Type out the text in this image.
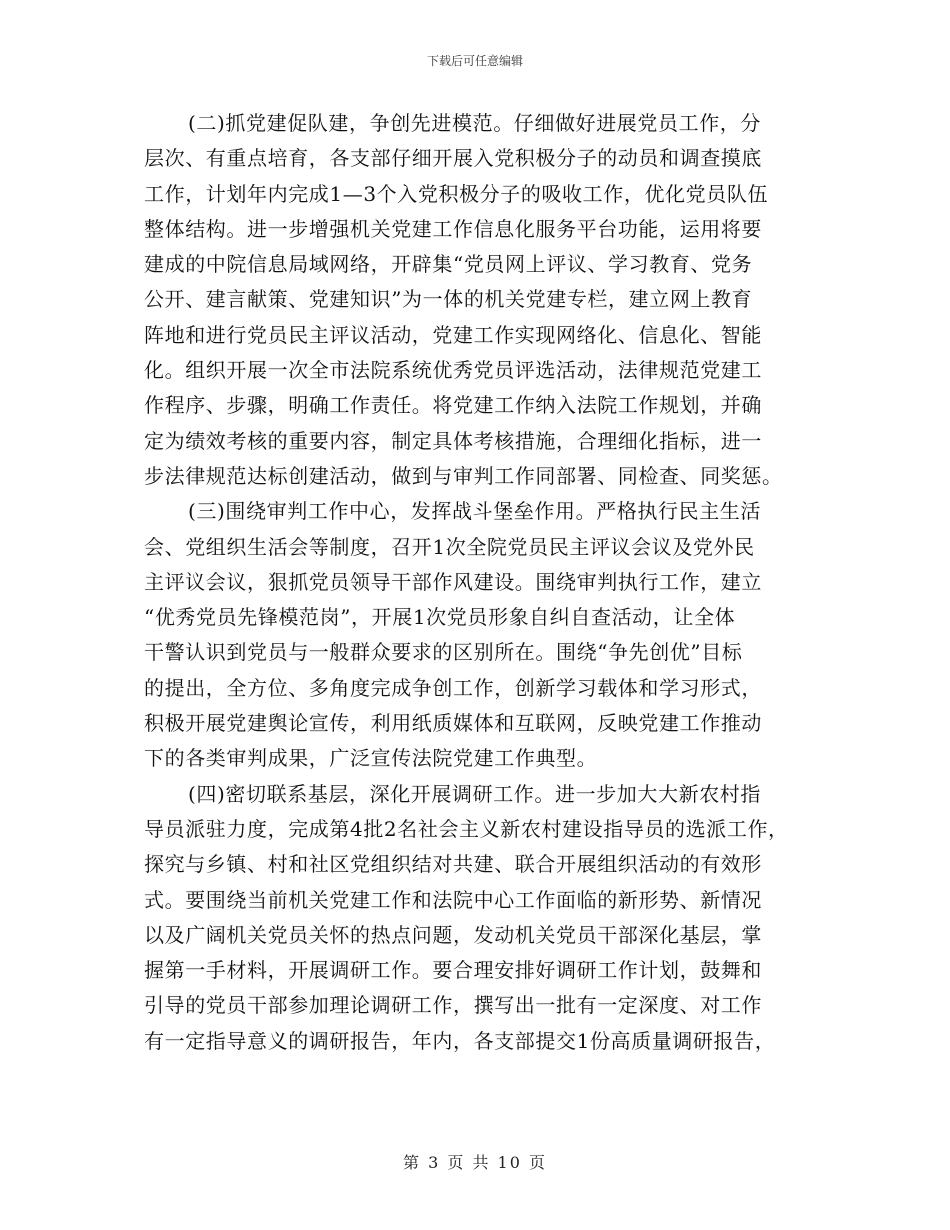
下载后可任意编辑
(二)抓党建促队建，争创先进模范。仔细做好进展党员工作，分
层次、有重点培育，各支部仔细开展入党积极分子的动员和调查摸底
工作，计划年内完成1—3个入党积极分子的吸收工作，优化党员队伍
整体结构。进一步增强机关党建工作信息化服务平台功能，运用将要
建成的中院信息局域网络，开辟集“党员网上评议、学习教育、党务
公开、建言献策、党建知识”为一体的机关党建专栏，建立网上教育
阵地和进行党员民主评议活动，党建工作实现网络化、信息化、智能
化。组织开展一次全市法院系统优秀党员评选活动，法律规范党建工
作程序、步骤，明确工作责任。将党建工作纳入法院工作规划，并确
定为绩效考核的重要内容，制定具体考核措施，合理细化指标，进一
步法律规范达标创建活动，做到与审判工作同部署、同检查、同奖惩。
(三)围绕审判工作中心，发挥战斗堡垒作用。严格执行民主生活
会、党组织生活会等制度，召开1次全院党员民主评议会议及党外民
主评议会议，狠抓党员领导干部作风建设。围绕审判执行工作，建立
“优秀党员先锋模范岗”，开展1次党员形象自纠自查活动，让全体
干警认识到党员与一般群众要求的区别所在。围绕“争先创优”目标
的提出，全方位、多角度完成争创工作，创新学习载体和学习形式，
积极开展党建舆论宣传，利用纸质媒体和互联网，反映党建工作推动
下的各类审判成果，广泛宣传法院党建工作典型。
(四)密切联系基层，深化开展调研工作。进一步加大大新农村指
导员派驻力度，完成第4批2名社会主义新农村建设指导员的选派工作，
探究与乡镇、村和社区党组织结对共建、联合开展组织活动的有效形
式。要围绕当前机关党建工作和法院中心工作面临的新形势、新情况
以及广阔机关党员关怀的热点问题，发动机关党员干部深化基层，掌
握第一手材料，开展调研工作。要合理安排好调研工作计划，鼓舞和
引导的党员干部参加理论调研工作，撰写出一批有一定深度、对工作
有一定指导意义的调研报告，年内，各支部提交1份高质量调研报告，
第 3 页 共 10 页
